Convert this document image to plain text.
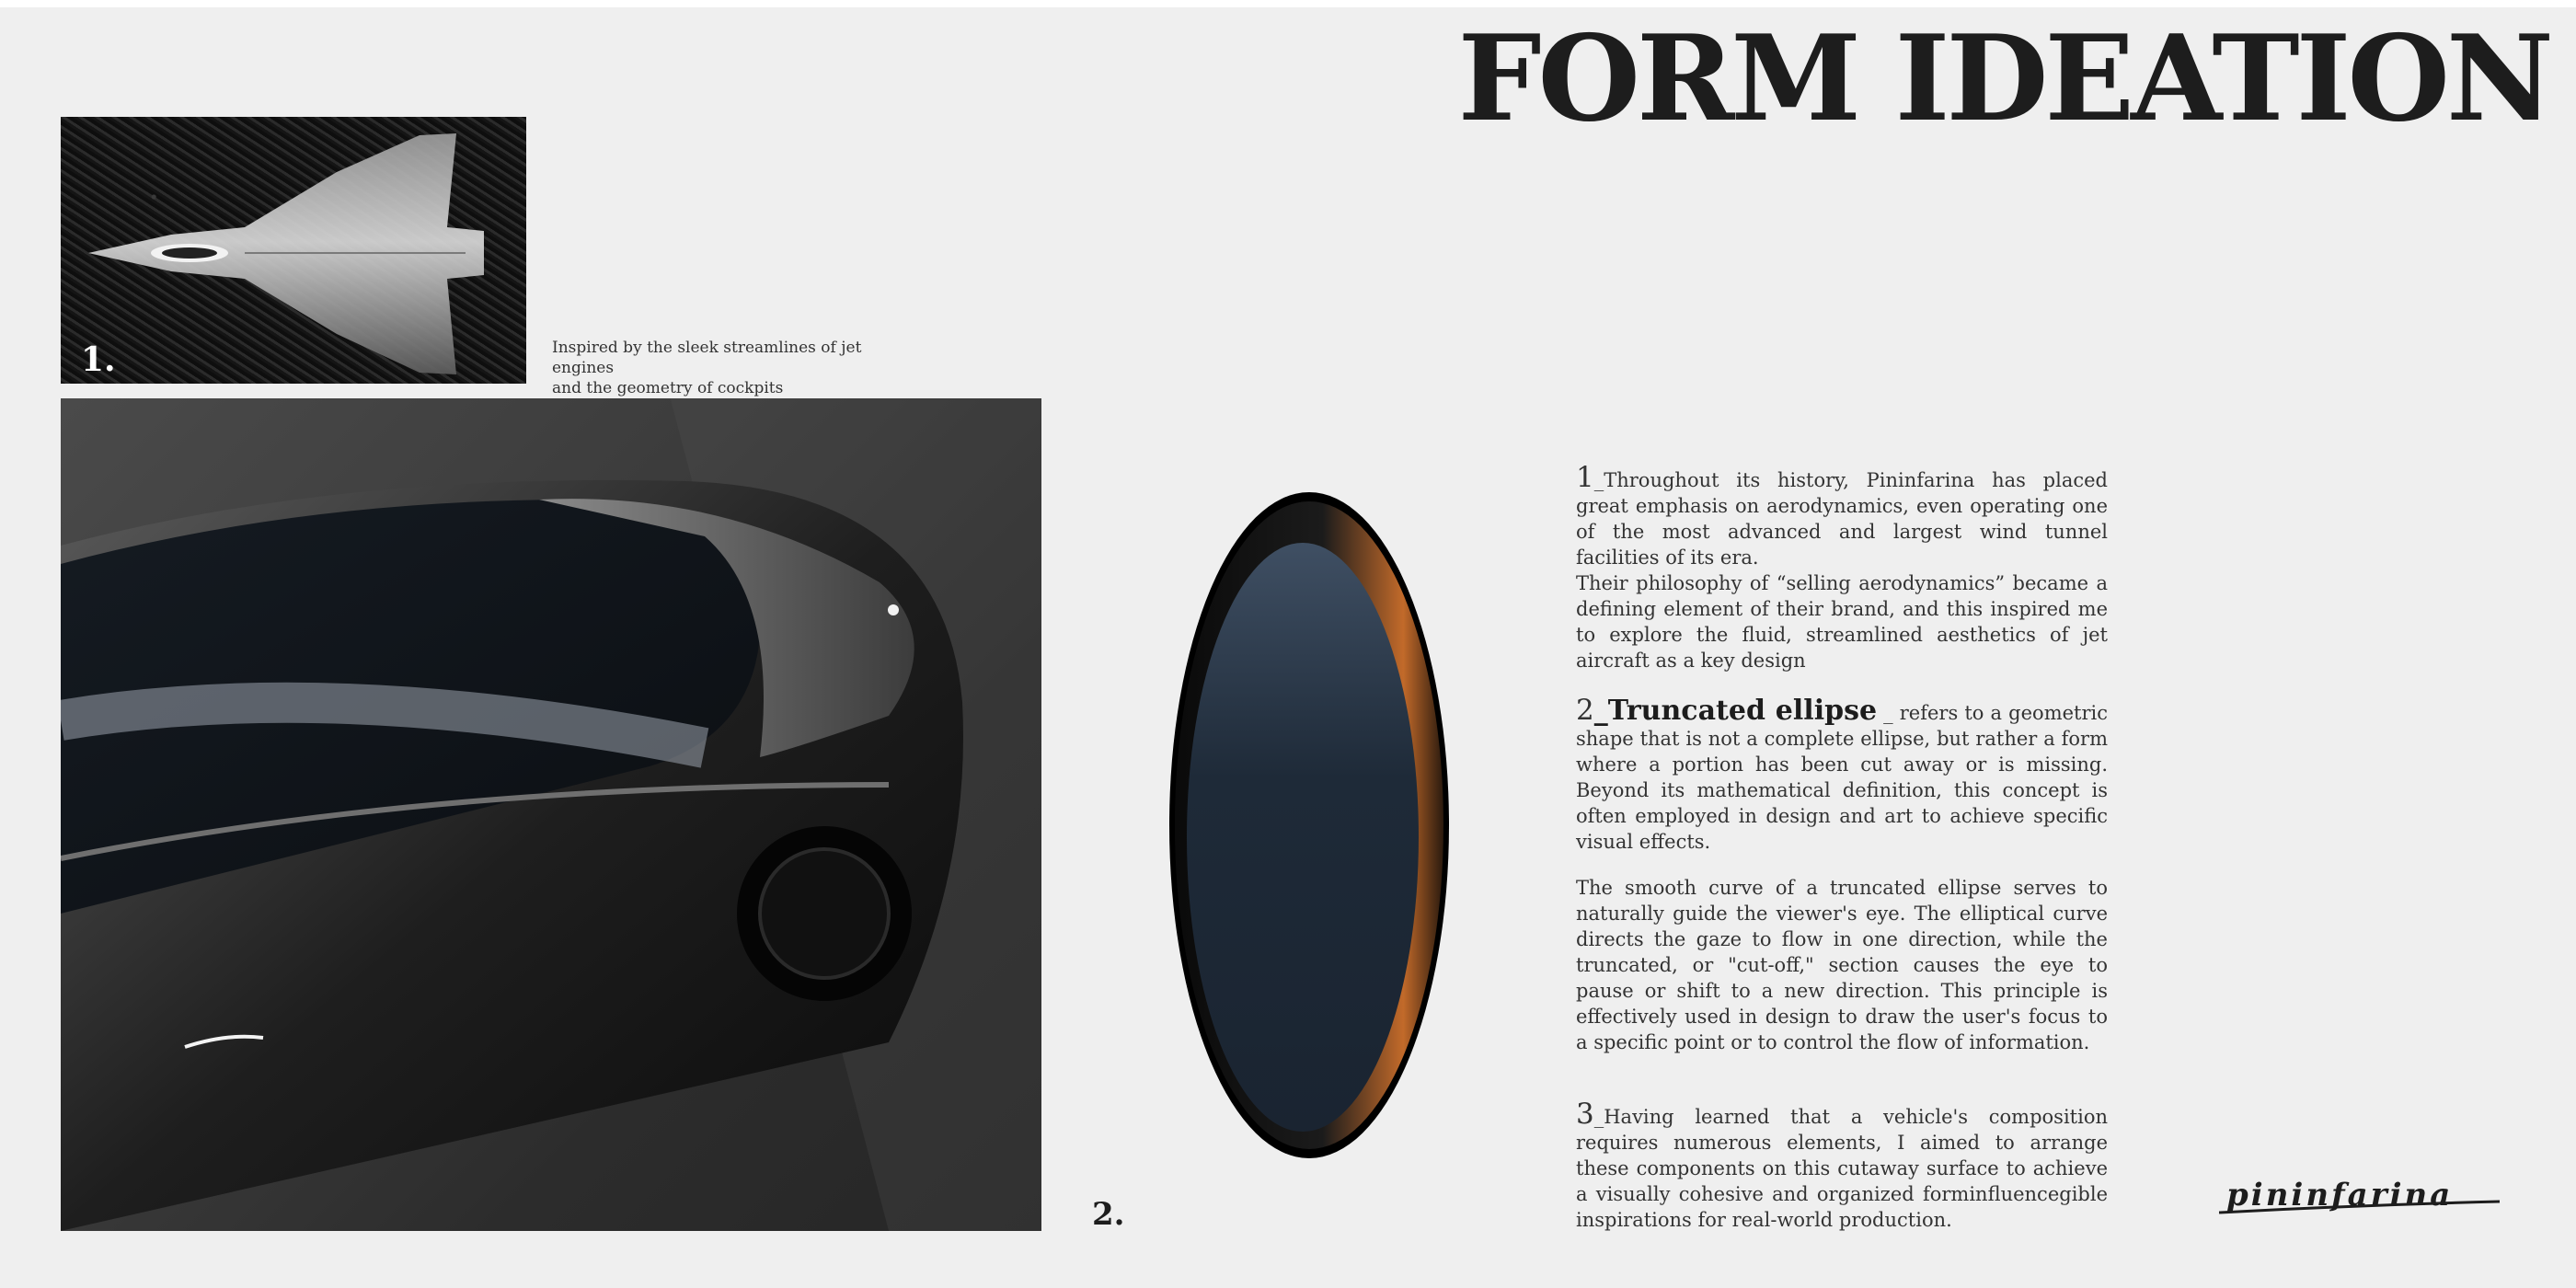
FORM IDEATION
1.	Inspired by the sleek streamlines of jet engines
and the geometry of cockpits
2.

1_Throughout its history, Pininfarina has placed great emphasis on aerodynamics, even operating one of the most advanced and largest wind tunnel facilities of its era.

Their philosophy of “selling aerodynamics” became a defining element of their brand, and this inspired me to explore the fluid, streamlined aesthetics of jet aircraft as a key design

2_Truncated ellipse _ refers to a geometric shape that is not a complete ellipse, but rather a form where a portion has been cut away or is missing. Beyond its mathematical definition, this concept is often employed in design and art to achieve specific visual effects.

The smooth curve of a truncated ellipse serves to naturally guide the viewer's eye. The elliptical curve directs the gaze to flow in one direction, while the truncated, or "cut-off," section causes the eye to pause or shift to a new direction. This principle is effectively used in design to draw the user's focus to a specific point or to control the flow of information.

3_Having learned that a vehicle's composition requires numerous elements, I aimed to arrange these components on this cutaway surface to achieve a visually cohesive and organized forminfluencegible inspirations for real-world production.

pininfarina
